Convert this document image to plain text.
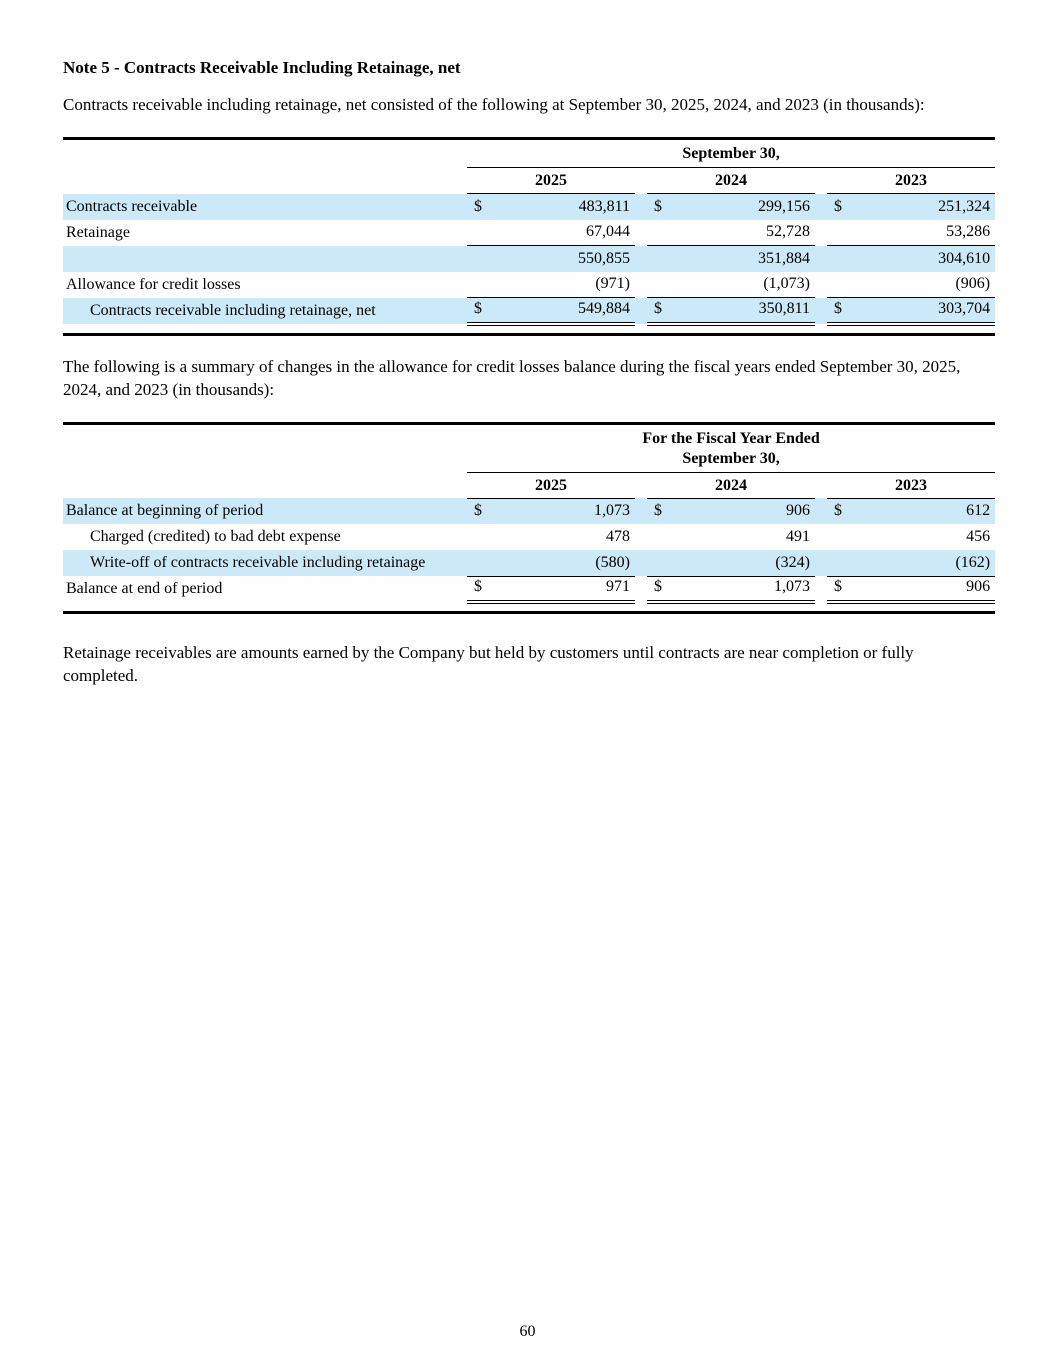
Note 5 - Contracts Receivable Including Retainage, net

Contracts receivable including retainage, net consisted of the following at September 30, 2025, 2024, and 2023 (in thousands):

	September 30,							
	2025			2024			2023	
Contracts receivable	$	483,811		$	299,156		$	251,324
Retainage		67,044			52,728			53,286
		550,855			351,884			304,610
Allowance for credit losses		(971)			(1,073)			(906)
Contracts receivable including retainage, net	$	549,884		$	350,811		$	303,704

The following is a summary of changes in the allowance for credit losses balance during the fiscal years ended September 30, 2025,
2024, and 2023 (in thousands):

	For the Fiscal Year Ended
September 30,							

	2025			2024			2023	
Balance at beginning of period	$	1,073		$	906		$	612
Charged (credited) to bad debt expense		478			491			456
Write-off of contracts receivable including retainage		(580)			(324)			(162)
Balance at end of period	$	971		$	1,073		$	906

Retainage receivables are amounts earned by the Company but held by customers until contracts are near completion or fully
completed.

60
